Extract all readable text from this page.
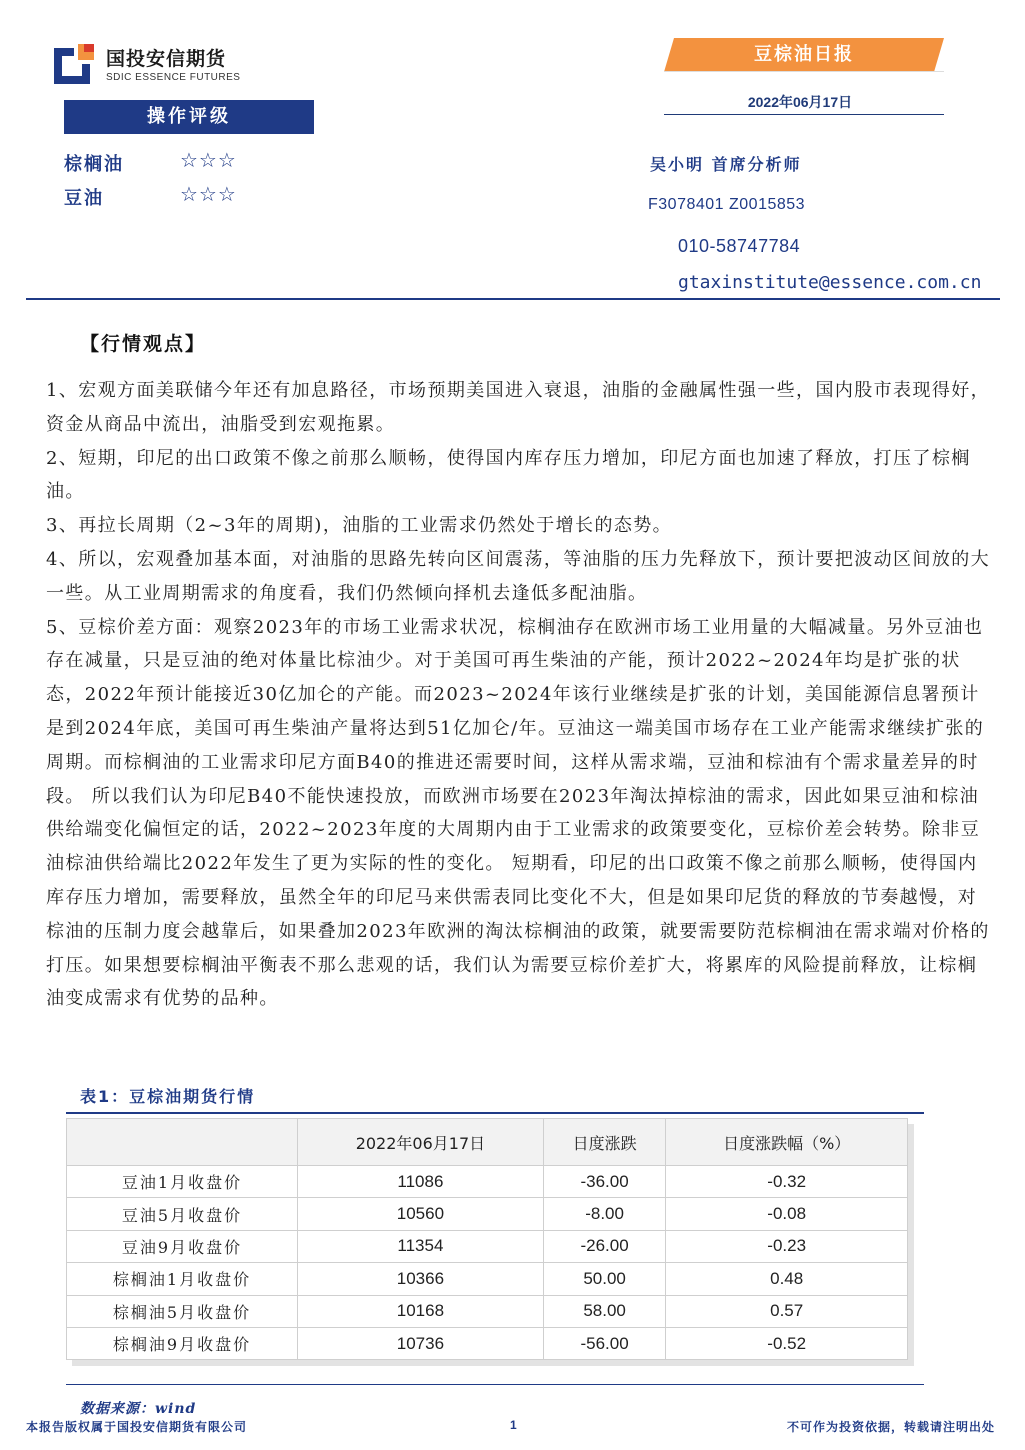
国投安信期货
SDIC ESSENCE FUTURES
豆棕油日报
2022年06月17日
操作评级
棕榈油	☆☆☆
豆油	☆☆☆
吴小明 首席分析师
F3078401 Z0015853
010-58747784
gtaxinstitute@essence.com.cn
【行情观点】

1、宏观方面美联储今年还有加息路径，市场预期美国进入衰退，油脂的金融属性强一些，国内股市表现得好，资金从商品中流出，油脂受到宏观拖累。

2、短期，印尼的出口政策不像之前那么顺畅，使得国内库存压力增加，印尼方面也加速了释放，打压了棕榈油。

3、再拉长周期（2~3年的周期)，油脂的工业需求仍然处于增长的态势。

4、所以，宏观叠加基本面，对油脂的思路先转向区间震荡，等油脂的压力先释放下，预计要把波动区间放的大一些。从工业周期需求的角度看，我们仍然倾向择机去逢低多配油脂。

5、豆棕价差方面：观察2023年的市场工业需求状况，棕榈油存在欧洲市场工业用量的大幅减量。另外豆油也存在减量，只是豆油的绝对体量比棕油少。对于美国可再生柴油的产能，预计2022~2024年均是扩张的状态，2022年预计能接近30亿加仑的产能。而2023~2024年该行业继续是扩张的计划，美国能源信息署预计是到2024年底，美国可再生柴油产量将达到51亿加仑/年。豆油这一端美国市场存在工业产能需求继续扩张的周期。而棕榈油的工业需求印尼方面B40的推进还需要时间，这样从需求端，豆油和棕油有个需求量差异的时段。 所以我们认为印尼B40不能快速投放，而欧洲市场要在2023年淘汰掉棕油的需求，因此如果豆油和棕油供给端变化偏恒定的话，2022~2023年度的大周期内由于工业需求的政策要变化，豆棕价差会转势。除非豆油棕油供给端比2022年发生了更为实际的性的变化。 短期看，印尼的出口政策不像之前那么顺畅，使得国内库存压力增加，需要释放，虽然全年的印尼马来供需表同比变化不大，但是如果印尼货的释放的节奏越慢，对棕油的压制力度会越靠后，如果叠加2023年欧洲的淘汰棕榈油的政策，就要需要防范棕榈油在需求端对价格的打压。如果想要棕榈油平衡表不那么悲观的话，我们认为需要豆棕价差扩大，将累库的风险提前释放，让棕榈油变成需求有优势的品种。

表1：豆棕油期货行情
	2022年06月17日	日度涨跌	日度涨跌幅（%）
豆油1月收盘价	11086	-36.00	-0.32
豆油5月收盘价	10560	-8.00	-0.08
豆油9月收盘价	11354	-26.00	-0.23
棕榈油1月收盘价	10366	50.00	0.48
棕榈油5月收盘价	10168	58.00	0.57
棕榈油9月收盘价	10736	-56.00	-0.52
数据来源：wind
本报告版权属于国投安信期货有限公司	1	不可作为投资依据，转载请注明出处
